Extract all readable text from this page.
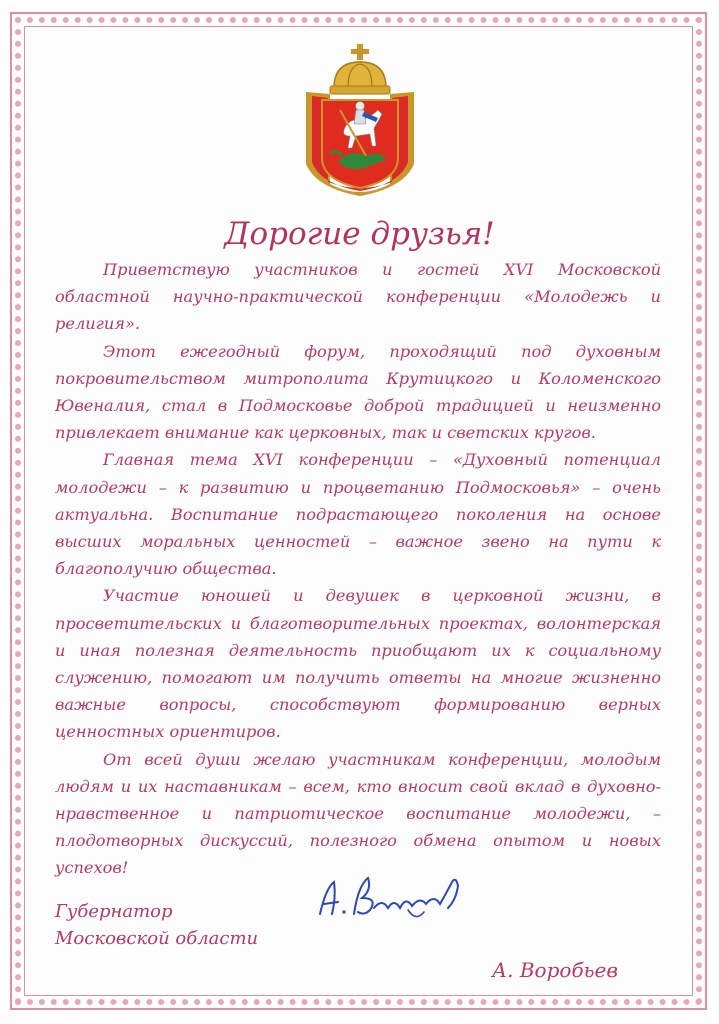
Дорогие друзья!

Приветствую участников и гостей XVI Московской областной научно-практической конференции «Молодежь и религия».

Этот ежегодный форум, проходящий под духовным покровительством митрополита Крутицкого и Коломенского Ювеналия, стал в Подмосковье доброй традицией и неизменно привлекает внимание как церковных, так и светских кругов.

Главная тема XVI конференции – «Духовный потенциал молодежи – к развитию и процветанию Подмосковья» – очень актуальна. Воспитание подрастающего поколения на основе высших моральных ценностей – важное звено на пути к благополучию общества.

Участие юношей и девушек в церковной жизни, в просветительских и благотворительных проектах, волонтерская и иная полезная деятельность приобщают их к социальному служению, помогают им получить ответы на многие жизненно важные вопросы, способствуют формированию верных ценностных ориентиров.

От всей души желаю участникам конференции, молодым людям и их наставникам – всем, кто вносит свой вклад в духовно-нравственное и патриотическое воспитание молодежи, – плодотворных дискуссий, полезного обмена опытом и новых успехов!

Губернатор
Московской области
А. Воробьев
